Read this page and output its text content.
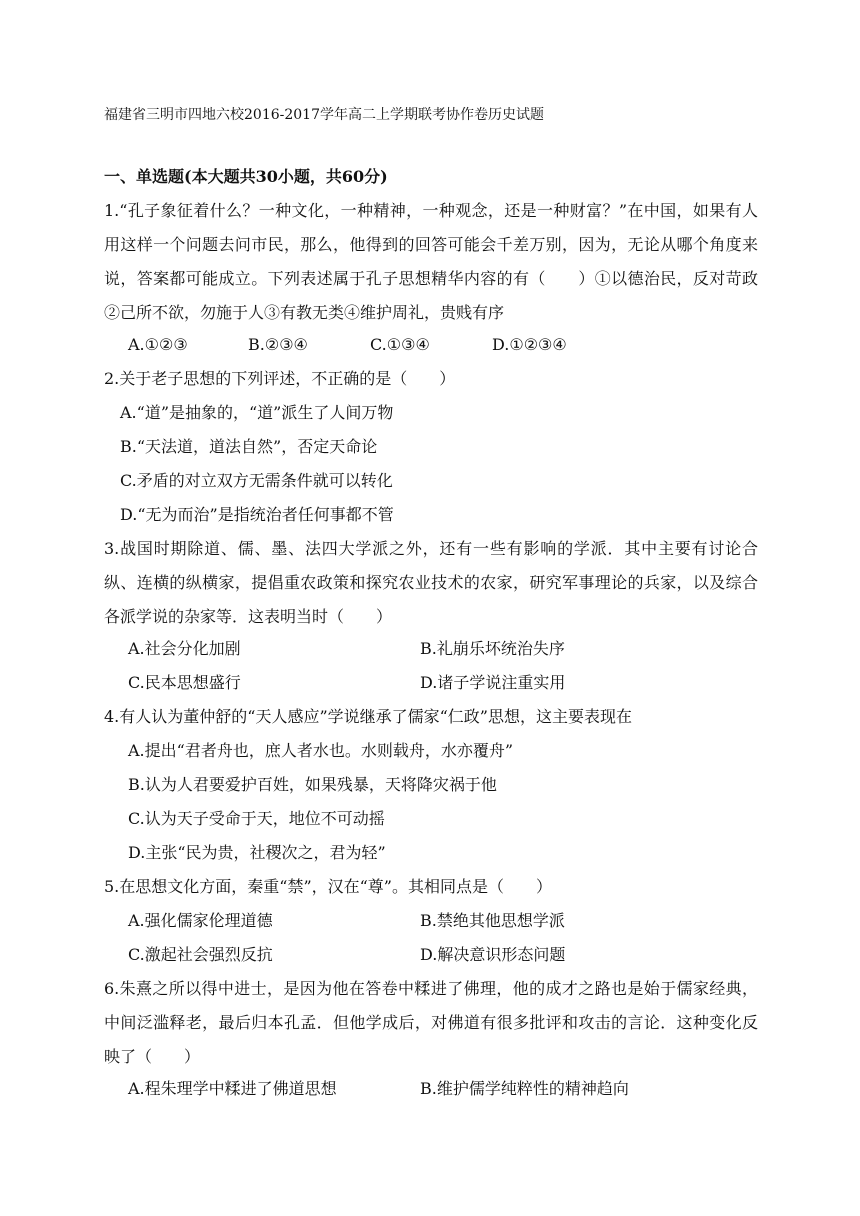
福建省三明市四地六校2016-2017学年高二上学期联考协作卷历史试题
一、单选题(本大题共30小题，共60分)

1.“孔子象征着什么？一种文化，一种精神，一种观念，还是一种财富？”在中国，如果有人用这样一个问题去问市民，那么，他得到的回答可能会千差万别，因为，无论从哪个角度来说，答案都可能成立。下列表述属于孔子思想精华内容的有（　　）①以德治民，反对苛政②己所不欲，勿施于人③有教无类④维护周礼，贵贱有序

A.①②③	B.②③④	C.①③④	D.①②③④

2.关于老子思想的下列评述，不正确的是（　　）

A.“道”是抽象的，“道”派生了人间万物
B.“天法道，道法自然”，否定天命论
C.矛盾的对立双方无需条件就可以转化
D.“无为而治”是指统治者任何事都不管

3.战国时期除道、儒、墨、法四大学派之外，还有一些有影响的学派．其中主要有讨论合纵、连横的纵横家，提倡重农政策和探究农业技术的农家，研究军事理论的兵家，以及综合各派学说的杂家等．这表明当时（　　）

A.社会分化加剧	B.礼崩乐坏统治失序
C.民本思想盛行	D.诸子学说注重实用

4.有人认为董仲舒的“天人感应”学说继承了儒家“仁政”思想，这主要表现在

A.提出“君者舟也，庶人者水也。水则载舟，水亦覆舟”
B.认为人君要爱护百姓，如果残暴，天将降灾祸于他
C.认为天子受命于天，地位不可动摇
D.主张“民为贵，社稷次之，君为轻”

5.在思想文化方面，秦重“禁”，汉在“尊”。其相同点是（　　）

A.强化儒家伦理道德	B.禁绝其他思想学派
C.激起社会强烈反抗	D.解决意识形态问题

6.朱熹之所以得中进士，是因为他在答卷中糅进了佛理，他的成才之路也是始于儒家经典，中间泛滥释老，最后归本孔孟．但他学成后，对佛道有很多批评和攻击的言论．这种变化反映了（　　）

A.程朱理学中糅进了佛道思想	B.维护儒学纯粹性的精神趋向
